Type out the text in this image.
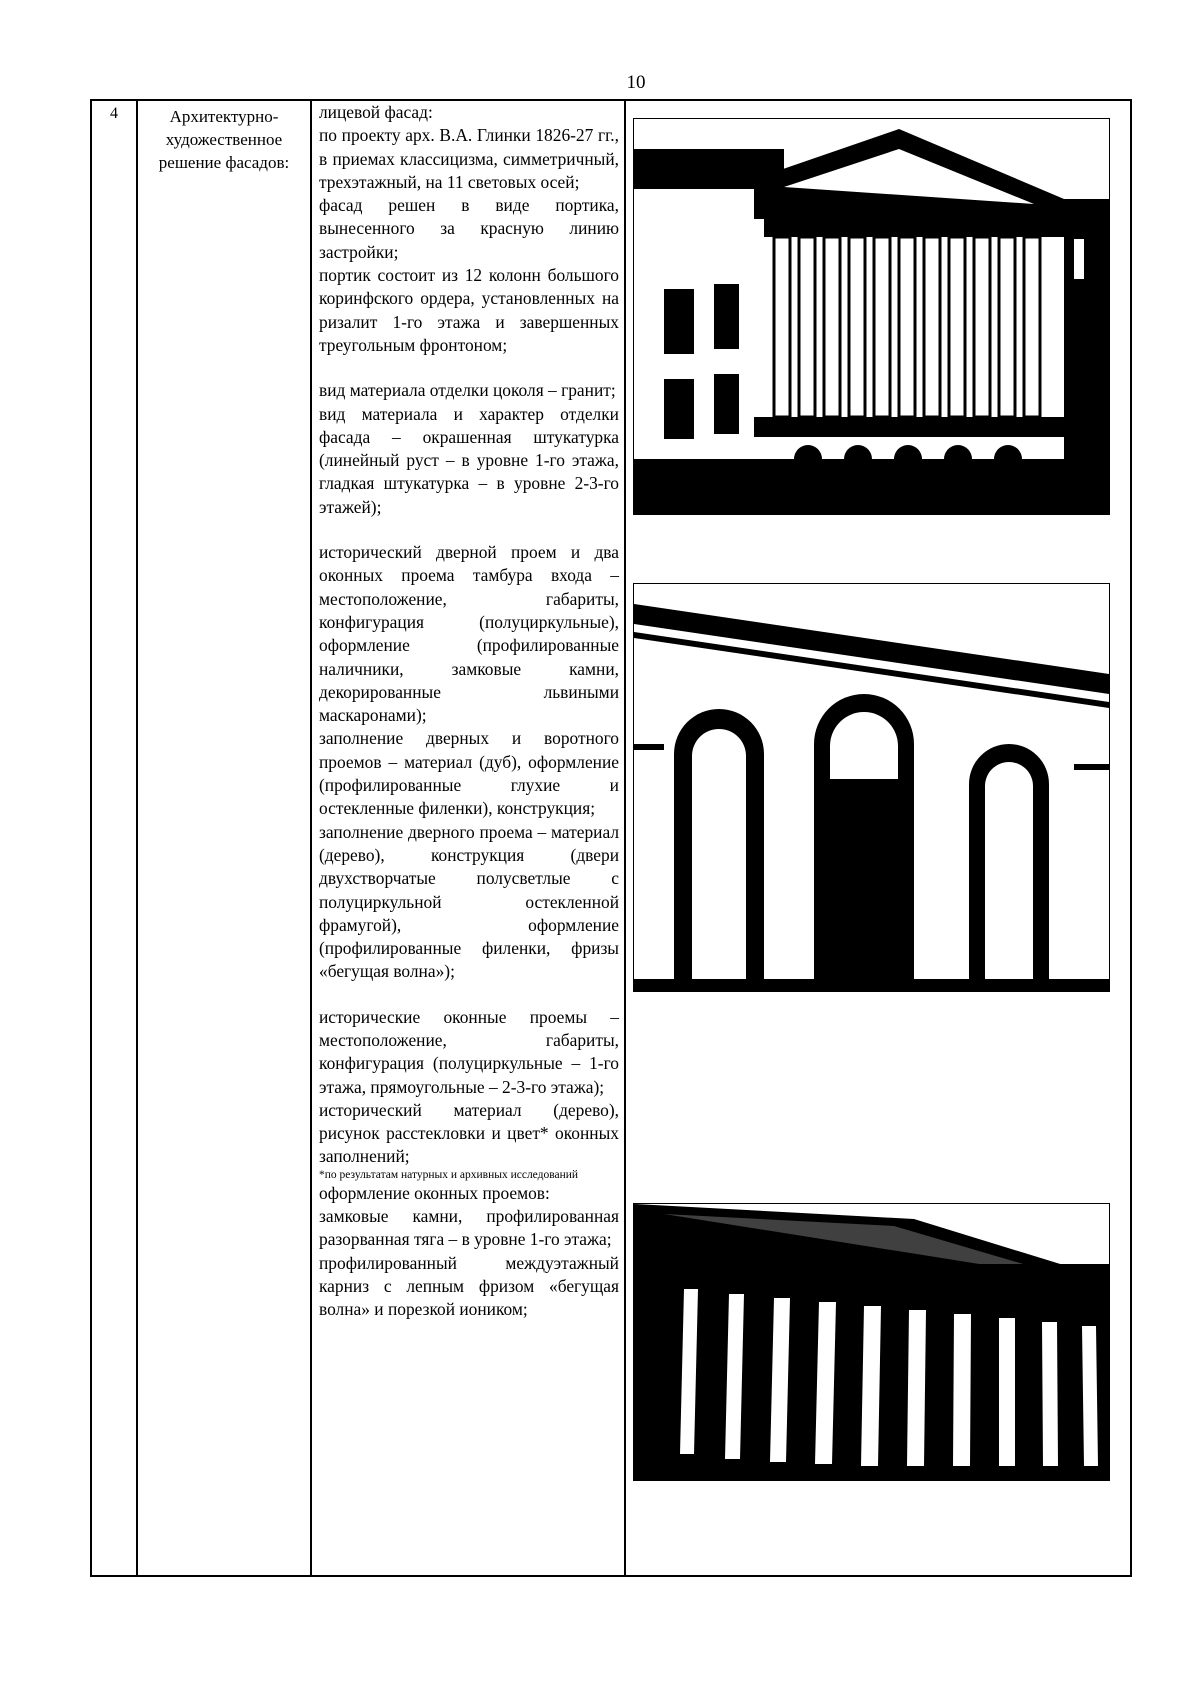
10
4	Архитектурно-
художественное
решение фасадов:

лицевой фасад:

по проекту арх. В.А. Глинки 1826-27 гг., в приемах классицизма, симметричный, трехэтажный, на 11 световых осей;

фасад решен в виде портика, вынесенного за красную линию застройки;

портик состоит из 12 колонн большого коринфского ордера, установленных на ризалит 1-го этажа и завершенных треугольным фронтоном;

вид материала отделки цоколя – гранит;

вид материала и характер отделки фасада – окрашенная штукатурка (линейный руст – в уровне 1-го этажа, гладкая штукатурка – в уровне 2-3-го этажей);

исторический дверной проем и два оконных проема тамбура входа – местоположение, габариты, конфигурация (полуциркульные), оформление (профилированные наличники, замковые камни, декорированные львиными маскаронами);

заполнение дверных и воротного проемов – материал (дуб), оформление (профилированные глухие и остекленные филенки), конструкция;

заполнение дверного проема – материал (дерево), конструкция (двери двухстворчатые полусветлые с полуциркульной остекленной фрамугой), оформление (профилированные филенки, фризы «бегущая волна»);

исторические оконные проемы – местоположение, габариты, конфигурация (полуциркульные – 1-го этажа, прямоугольные – 2-3-го этажа);

исторический материал (дерево), рисунок расстекловки и цвет* оконных заполнений;

*по результатам натурных и архивных исследований

оформление оконных проемов:

замковые камни, профилированная разорванная тяга – в уровне 1-го этажа;

профилированный междуэтажный карниз с лепным фризом «бегущая волна» и порезкой иоником;
